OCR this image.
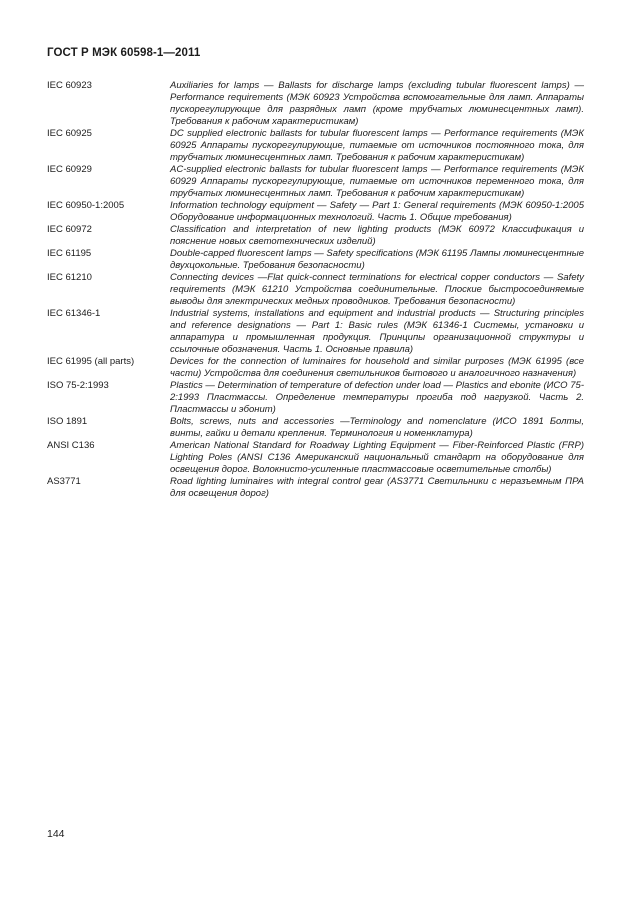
ГОСТ Р МЭК 60598-1—2011
IEC 60923	Auxiliaries for lamps — Ballasts for discharge lamps (excluding tubular fluorescent lamps) — Performance requirements (МЭК 60923 Устройства вспомогательные для ламп. Аппараты пускорегулирующие для разрядных ламп (кроме трубчатых люминесцентных ламп). Требования к рабочим характеристикам)
IEC 60925	DC supplied electronic ballasts for tubular fluorescent lamps — Performance requirements (МЭК 60925 Аппараты пускорегулирующие, питаемые от источников постоянного тока, для трубчатых люминесцентных ламп. Требования к рабочим характеристикам)
IEC 60929	AC-supplied electronic ballasts for tubular fluorescent lamps — Performance requirements (МЭК 60929 Аппараты пускорегулирующие, питаемые от источников переменного тока, для трубчатых люминесцентных ламп. Требования к рабочим характеристикам)
IEC 60950-1:2005	Information technology equipment — Safety — Part 1: General requirements (МЭК 60950-1:2005 Оборудование информационных технологий. Часть 1. Общие требования)
IEC 60972	Classification and interpretation of new lighting products (МЭК 60972 Классификация и пояснение новых светотехнических изделий)
IEC 61195	Double-capped fluorescent lamps — Safety specifications (МЭК 61195 Лампы люминесцентные двухцокольные. Требования безопасности)
IEC 61210	Connecting devices —Flat quick-connect terminations for electrical copper conductors — Safety requirements (МЭК 61210 Устройства соединительные. Плоские быстросоединяемые выводы для электрических медных проводников. Требования безопасности)
IEC 61346-1	Industrial systems, installations and equipment and industrial products — Structuring principles and reference designations — Part 1: Basic rules (МЭК 61346-1 Системы, установки и аппаратура и промышленная продукция. Принципы организационной структуры и ссылочные обозначения. Часть 1. Основные правила)
IEC 61995 (all parts)	Devices for the connection of luminaires for household and similar purposes (МЭК 61995 (все части) Устройства для соединения светильников бытового и аналогичного назначения)
ISO 75-2:1993	Plastics — Determination of temperature of defection under load — Plastics and ebonite (ИСО 75-2:1993 Пластмассы. Определение температуры прогиба под нагрузкой. Часть 2. Пластмассы и эбонит)
ISO 1891	Bolts, screws, nuts and accessories —Terminology and nomenclature (ИСО 1891 Болты, винты, гайки и детали крепления. Терминология и номенклатура)
ANSI C136	American National Standard for Roadway Lighting Equipment — Fiber-Reinforced Plastic (FRP) Lighting Poles (ANSI C136 Американский национальный стандарт на оборудование для освещения дорог. Волокнисто-усиленные пластмассовые осветительные столбы)
AS3771	Road lighting luminaires with integral control gear (AS3771 Светильники с неразъемным ПРА для освещения дорог)
144
